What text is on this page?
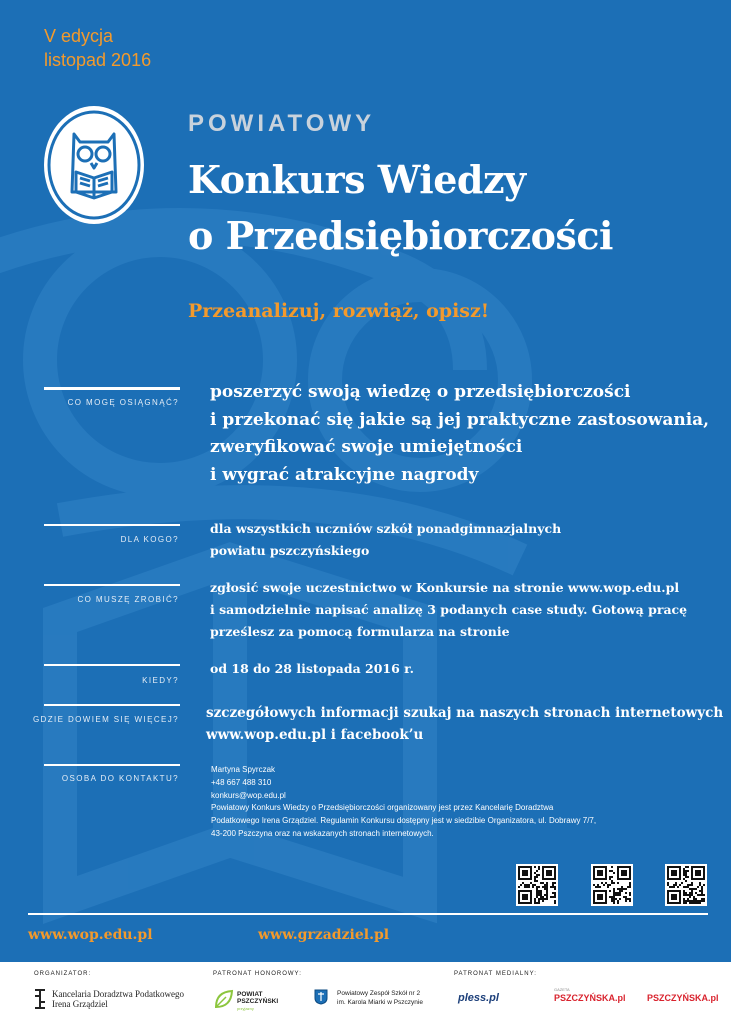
V edycja
listopad 2016
POWIATOWY
Konkurs Wiedzy
o Przedsiębiorczości
Przeanalizuj, rozwiąż, opisz!
CO MOGĘ OSIĄGNĄĆ?
poszerzyć swoją wiedzę o przedsiębiorczości
i przekonać się jakie są jej praktyczne zastosowania,
zweryfikować swoje umiejętności
i wygrać atrakcyjne nagrody
DLA KOGO?
dla wszystkich uczniów szkół ponadgimnazjalnych
powiatu pszczyńskiego
CO MUSZĘ ZROBIĆ?
zgłosić swoje uczestnictwo w Konkursie na stronie www.wop.edu.pl
i samodzielnie napisać analizę 3 podanych case study. Gotową pracę
prześlesz za pomocą formularza na stronie
KIEDY?
od 18 do 28 listopada 2016 r.
GDZIE DOWIEM SIĘ WIĘCEJ? szczegółowych informacji szukaj na naszych stronach internetowych
www.wop.edu.pl i facebook’u
OSOBA DO KONTAKTU?
Martyna Spyrczak
+48 667 488 310
konkurs@wop.edu.pl
Powiatowy Konkurs Wiedzy o Przedsiębiorczości organizowany jest przez Kancelarię Doradztwa
Podatkowego Irena Grządziel. Regulamin Konkursu dostępny jest w siedzibie Organizatora, ul. Dobrawy 7/7,
43-200 Pszczyna oraz na wskazanych stronach internetowych.
www.wop.edu.pl	www.grzadziel.pl
ORGANIZATOR:
Kancelaria Doradztwa Podatkowego
Irena Grządziel
PATRONAT HONOROWY:
POWIAT
PSZCZYŃSKI
przyjazny
Powiatowy Zespół Szkół nr 2
im. Karola Miarki w Pszczynie
PATRONAT MEDIALNY:
pless.pl
GAZETA
PSZCZYŃSKA.pl PSZCZYŃSKA.pl
